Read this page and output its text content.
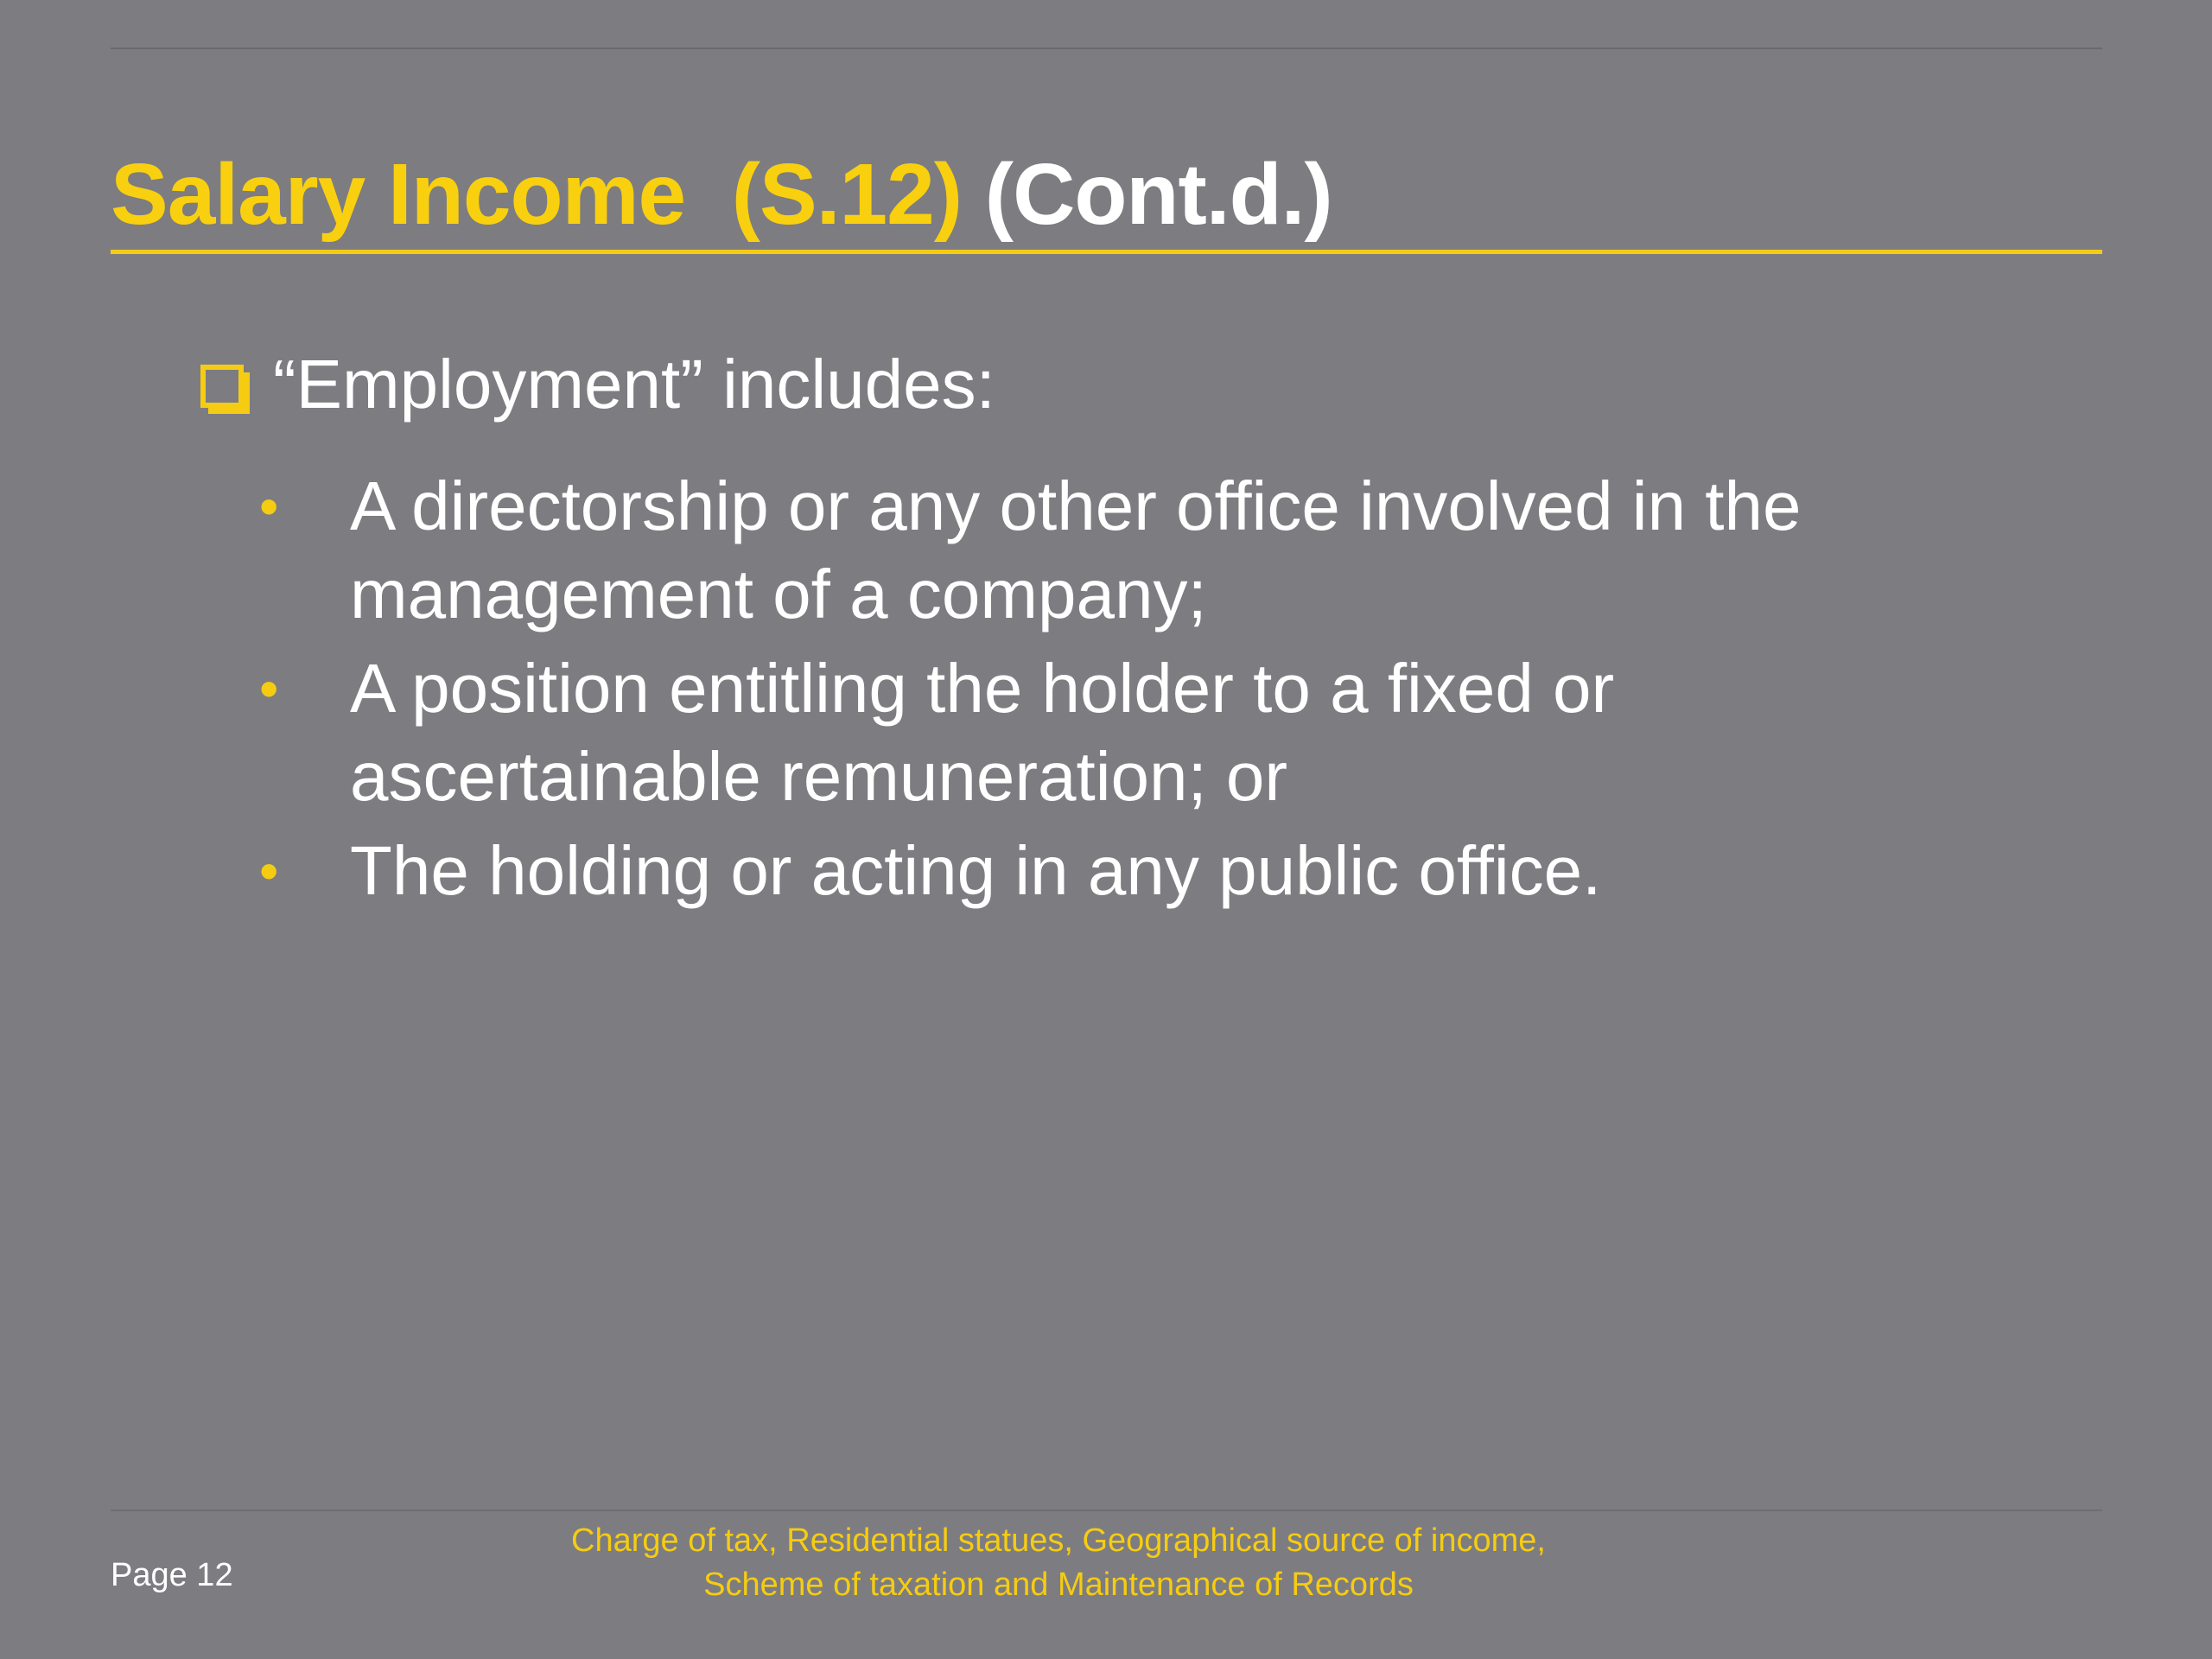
Salary Income  (S.12) (Cont.d.)
“Employment” includes:
• A directorship or any other office involved in the
management of a company;
• A position entitling the holder to a fixed or
ascertainable remuneration; or
• The holding or acting in any public office.
Page 12
Charge of tax, Residential statues, Geographical source of income,
Scheme of taxation and Maintenance of Records
